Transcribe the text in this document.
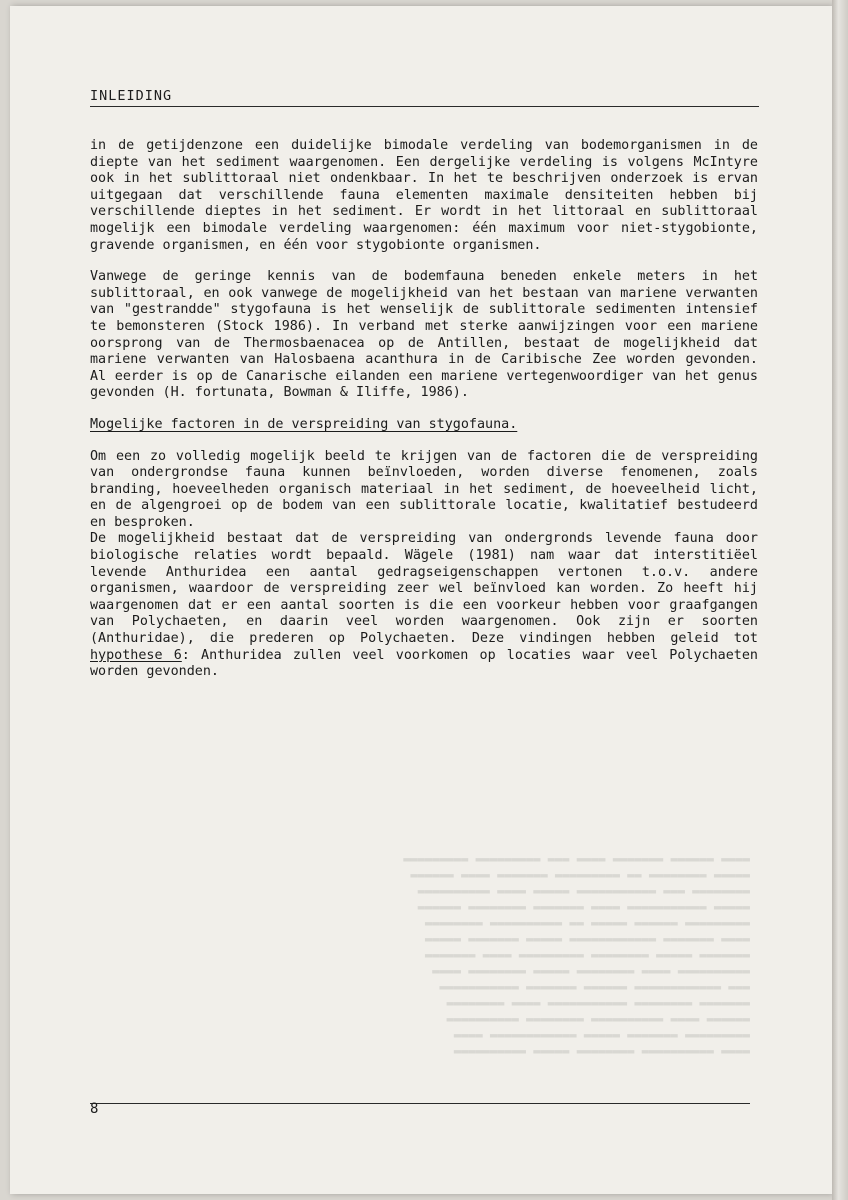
INLEIDING

in de getijdenzone een duidelijke bimodale verdeling van bodemorganismen in de diepte van het sediment waargenomen. Een dergelijke verdeling is volgens McIntyre ook in het sublittoraal niet ondenkbaar. In het te beschrijven onderzoek is ervan uitgegaan dat verschillende fauna elementen maximale densiteiten hebben bij verschillende dieptes in het sediment. Er wordt in het littoraal en sublittoraal mogelijk een bimodale verdeling waargenomen: één maximum voor niet-stygobionte, gravende organismen, en één voor stygobionte organismen.

Vanwege de geringe kennis van de bodemfauna beneden enkele meters in het sublittoraal, en ook vanwege de mogelijkheid van het bestaan van mariene verwanten van "gestrandde" stygofauna is het wenselijk de sublittorale sedimenten intensief te bemonsteren (Stock 1986). In verband met sterke aanwijzingen voor een mariene oorsprong van de Thermosbaenacea op de Antillen, bestaat de mogelijkheid dat mariene verwanten van Halosbaena acanthura in de Caribische Zee worden gevonden. Al eerder is op de Canarische eilanden een mariene vertegenwoordiger van het genus gevonden (H. fortunata, Bowman & Iliffe, 1986).

Mogelijke factoren in de verspreiding van stygofauna.

Om een zo volledig mogelijk beeld te krijgen van de factoren die de verspreiding van ondergrondse fauna kunnen beïnvloeden, worden diverse fenomenen, zoals branding, hoeveelheden organisch materiaal in het sediment, de hoeveelheid licht, en de algengroei op de bodem van een sublittorale locatie, kwalitatief bestudeerd en besproken.

De mogelijkheid bestaat dat de verspreiding van ondergronds levende fauna door biologische relaties wordt bepaald. Wägele (1981) nam waar dat interstitiëel levende Anthuridea een aantal gedragseigenschappen vertonen t.o.v. andere organismen, waardoor de verspreiding zeer wel beïnvloed kan worden. Zo heeft hij waargenomen dat er een aantal soorten is die een voorkeur hebben voor graafgangen van Polychaeten, en daarin veel worden waargenomen. Ook zijn er soorten (Anthuridae), die prederen op Polychaeten. Deze vindingen hebben geleid tot hypothese 6: Anthuridea zullen veel voorkomen op locaties waar veel Polychaeten worden gevonden.

▬▬▬▬ ▬▬▬▬▬▬ ▬▬▬▬▬▬▬ ▬▬▬▬ ▬▬▬ ▬▬▬▬▬▬▬▬▬ ▬▬▬▬▬▬▬▬▬
▬▬▬▬▬ ▬▬▬▬▬▬▬▬ ▬▬ ▬▬▬▬▬▬▬▬▬ ▬▬▬▬▬▬▬ ▬▬▬▬ ▬▬▬▬▬▬
▬▬▬▬▬▬▬▬ ▬▬▬ ▬▬▬▬▬▬▬▬▬▬▬ ▬▬▬▬▬ ▬▬▬▬ ▬▬▬▬▬▬▬▬▬▬
▬▬▬▬▬ ▬▬▬▬▬▬▬▬▬▬▬ ▬▬▬▬ ▬▬▬▬▬▬▬ ▬▬▬▬▬▬▬▬ ▬▬▬▬▬▬
▬▬▬▬▬▬▬▬▬ ▬▬▬▬▬▬ ▬▬▬▬▬ ▬▬ ▬▬▬▬▬▬▬▬▬▬ ▬▬▬▬▬▬▬▬
▬▬▬▬ ▬▬▬▬▬▬▬ ▬▬▬▬▬▬▬▬▬▬▬▬ ▬▬▬▬▬ ▬▬▬▬▬▬▬ ▬▬▬▬▬
▬▬▬▬▬▬▬ ▬▬▬▬▬ ▬▬▬▬▬▬▬▬ ▬▬▬▬▬▬▬▬▬ ▬▬▬▬ ▬▬▬▬▬▬▬
▬▬▬▬▬▬▬▬▬▬ ▬▬▬▬ ▬▬▬▬▬▬▬▬ ▬▬▬▬▬ ▬▬▬▬▬▬▬▬ ▬▬▬▬
▬▬▬ ▬▬▬▬▬▬▬▬▬▬▬▬ ▬▬▬▬▬▬ ▬▬▬▬▬▬▬ ▬▬▬▬▬▬▬▬▬▬▬
▬▬▬▬▬▬▬ ▬▬▬▬▬▬▬▬ ▬▬▬▬▬▬▬▬▬▬▬ ▬▬▬▬ ▬▬▬▬▬▬▬▬
▬▬▬▬▬▬ ▬▬▬▬ ▬▬▬▬▬▬▬▬▬▬ ▬▬▬▬▬▬▬▬ ▬▬▬▬▬▬▬▬▬▬
▬▬▬▬▬▬▬▬▬ ▬▬▬▬▬▬▬ ▬▬▬▬▬ ▬▬▬▬▬▬▬▬▬▬▬▬ ▬▬▬▬
▬▬▬▬ ▬▬▬▬▬▬▬▬▬▬ ▬▬▬▬▬▬▬▬ ▬▬▬▬▬ ▬▬▬▬▬▬▬▬▬▬
8
